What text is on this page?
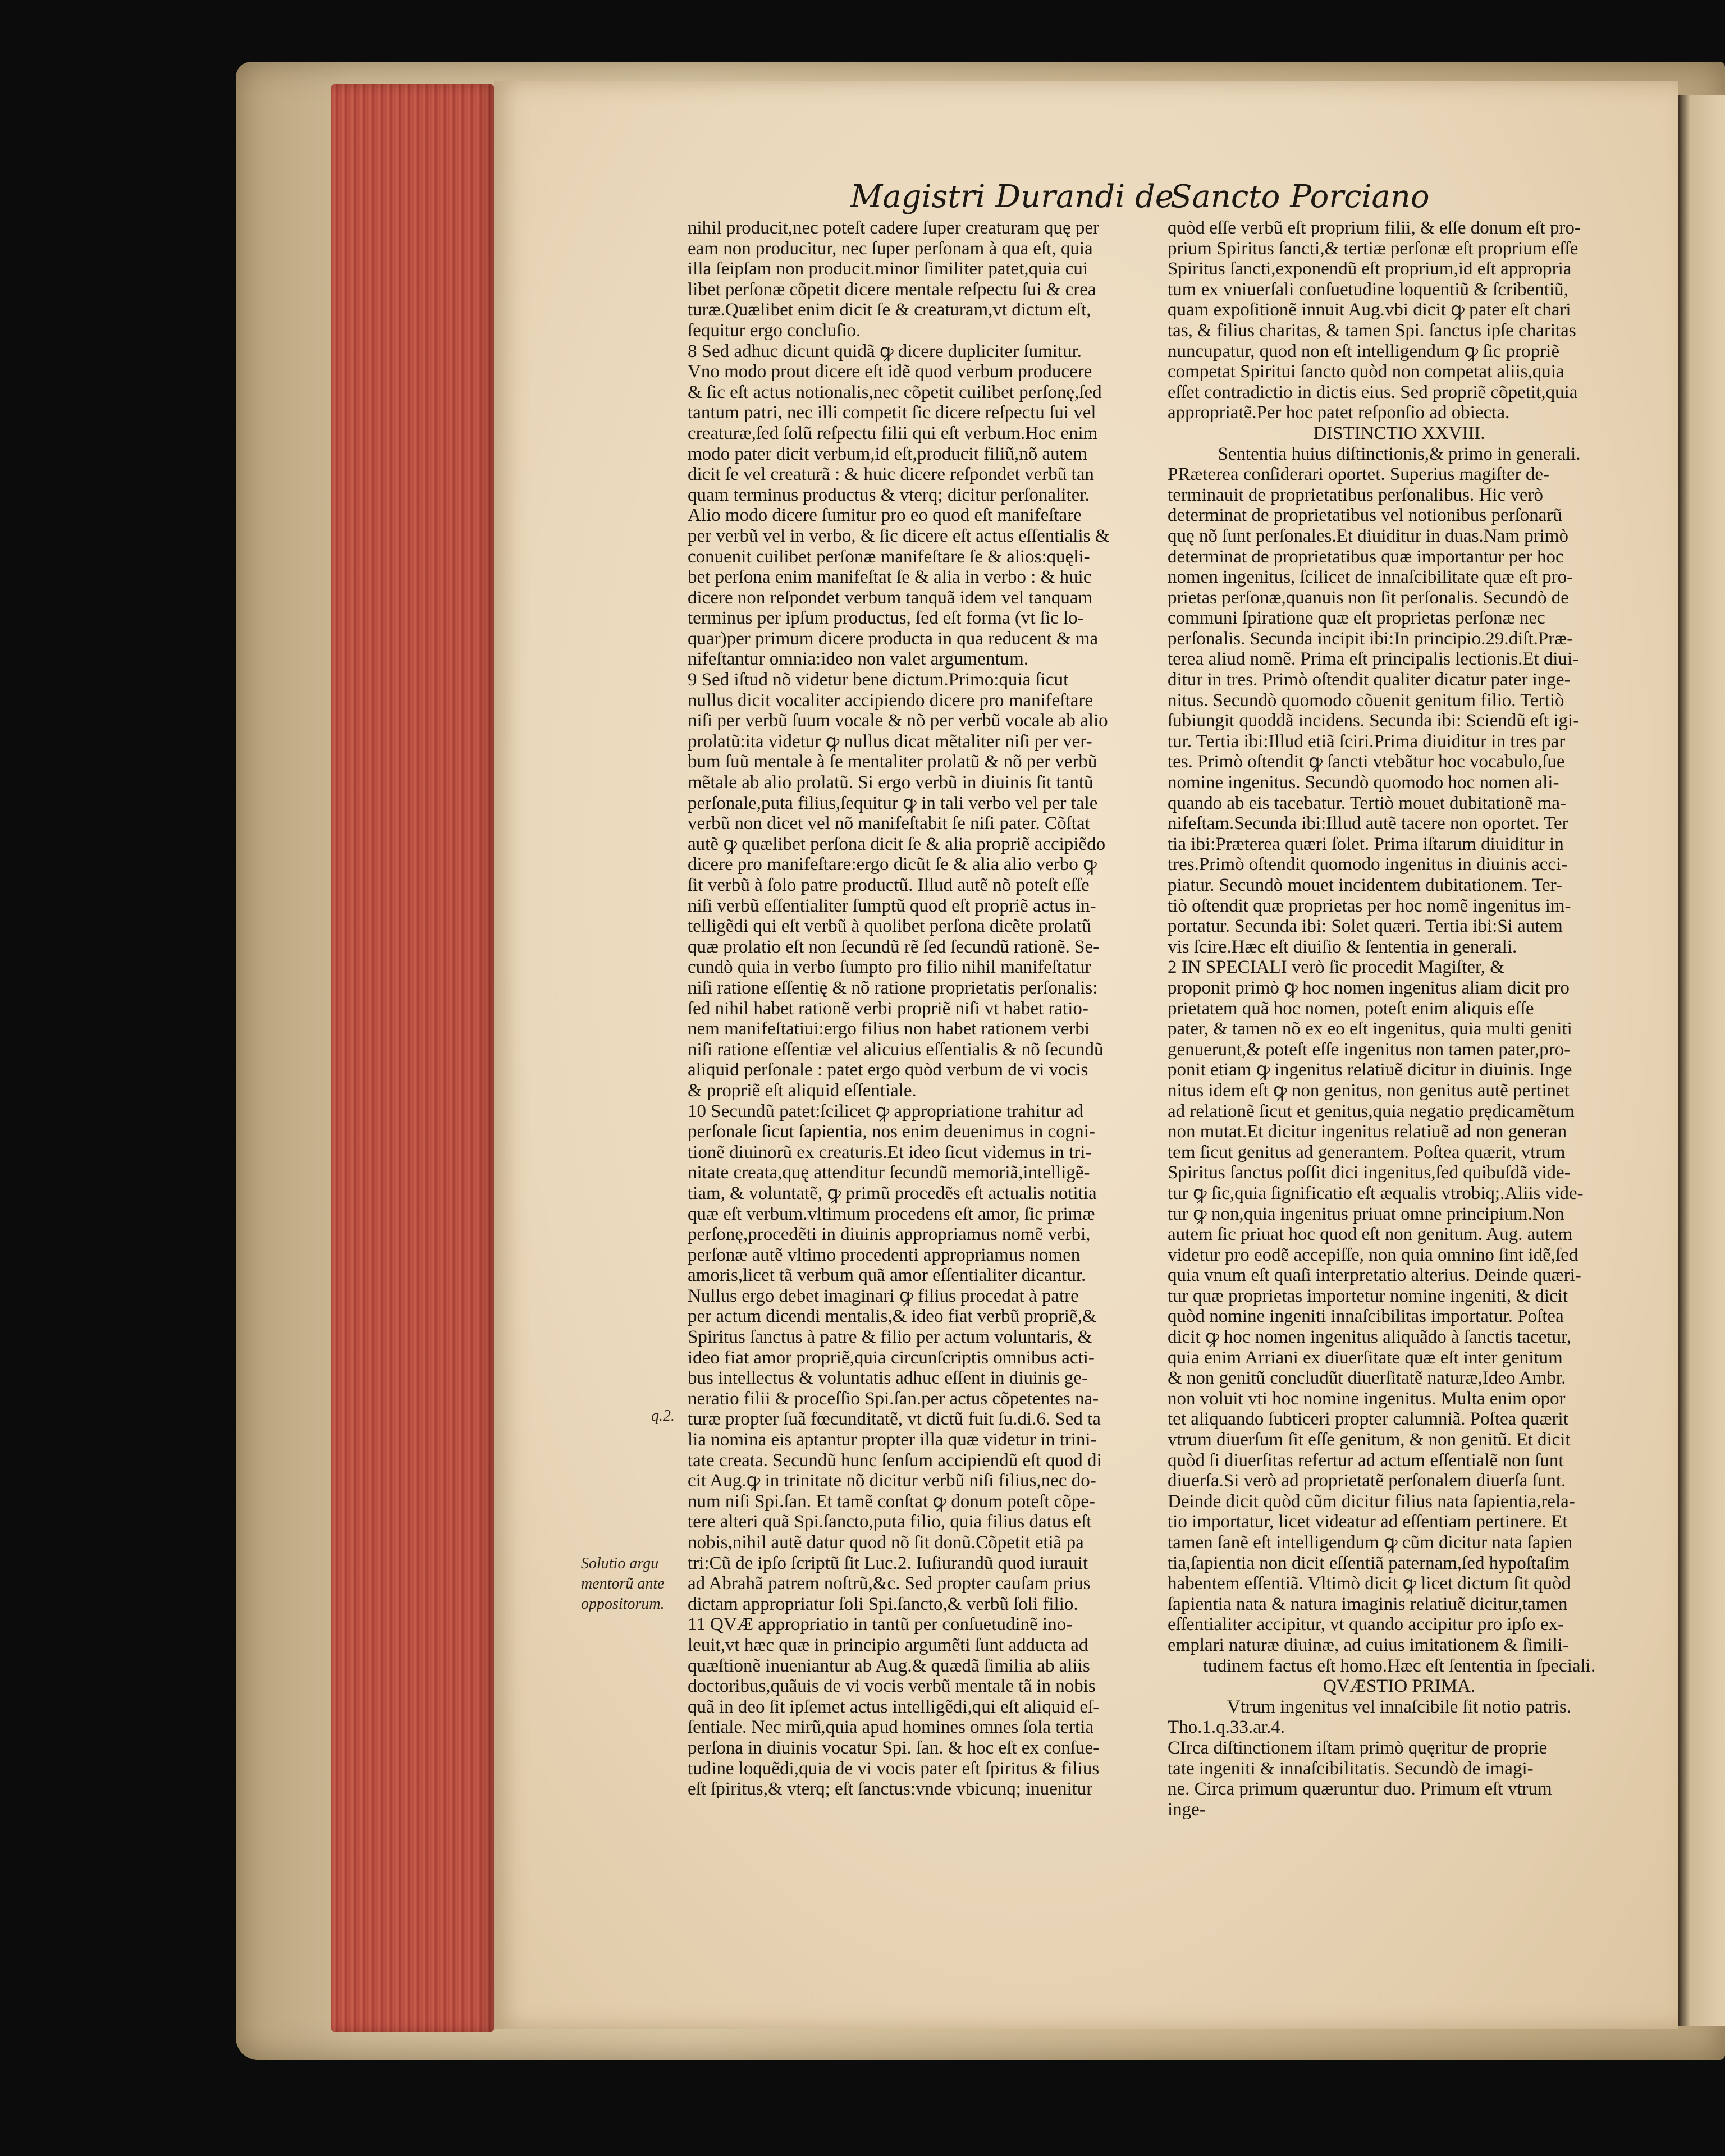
Magistri Durandi de
Sancto Porciano
q.2.
Solutio argu
mentorũ ante
oppositorum.

nihil producit,nec poteſt cadere ſuper creaturam quę per

eam non producitur, nec ſuper perſonam à qua eſt, quia

illa ſeipſam non producit.minor ſimiliter patet,quia cui

libet perſonæ cõpetit dicere mentale reſpectu ſui & crea

turæ.Quælibet enim dicit ſe & creaturam,vt dictum eſt,

ſequitur ergo concluſio.

8 Sed adhuc dicunt quidã ꝙ dicere dupliciter ſumitur.

Vno modo prout dicere eſt idẽ quod verbum producere

& ſic eſt actus notionalis,nec cõpetit cuilibet perſonę,ſed

tantum patri, nec illi competit ſic dicere reſpectu ſui vel

creaturæ,ſed ſolũ reſpectu filii qui eſt verbum.Hoc enim

modo pater dicit verbum,id eſt,producit filiũ,nõ autem

dicit ſe vel creaturã : & huic dicere reſpondet verbũ tan

quam terminus productus & vterq; dicitur perſonaliter.

Alio modo dicere ſumitur pro eo quod eſt manifeſtare

per verbũ vel in verbo, & ſic dicere eſt actus eſſentialis &

conuenit cuilibet perſonæ manifeſtare ſe & alios:quęli-

bet perſona enim manifeſtat ſe & alia in verbo : & huic

dicere non reſpondet verbum tanquã idem vel tanquam

terminus per ipſum productus, ſed eſt forma (vt ſic lo-

quar)per primum dicere producta in qua reducent & ma

nifeſtantur omnia:ideo non valet argumentum.

9 Sed iſtud nõ videtur bene dictum.Primo:quia ſicut

nullus dicit vocaliter accipiendo dicere pro manifeſtare

niſi per verbũ ſuum vocale & nõ per verbũ vocale ab alio

prolatũ:ita videtur ꝙ nullus dicat mẽtaliter niſi per ver-

bum ſuũ mentale à ſe mentaliter prolatũ & nõ per verbũ

mẽtale ab alio prolatũ. Si ergo verbũ in diuinis ſit tantũ

perſonale,puta filius,ſequitur ꝙ in tali verbo vel per tale

verbũ non dicet vel nõ manifeſtabit ſe niſi pater. Cõſtat

autẽ ꝙ quælibet perſona dicit ſe & alia propriẽ accipiẽdo

dicere pro manifeſtare:ergo dicũt ſe & alia alio verbo ꝙ

ſit verbũ à ſolo patre productũ. Illud autẽ nõ poteſt eſſe

niſi verbũ eſſentialiter ſumptũ quod eſt propriẽ actus in-

telligẽdi qui eſt verbũ à quolibet perſona dicẽte prolatũ

quæ prolatio eſt non ſecundũ rẽ ſed ſecundũ rationẽ. Se-

cundò quia in verbo ſumpto pro filio nihil manifeſtatur

niſi ratione eſſentię & nõ ratione proprietatis perſonalis:

ſed nihil habet rationẽ verbi propriẽ niſi vt habet ratio-

nem manifeſtatiui:ergo filius non habet rationem verbi

niſi ratione eſſentiæ vel alicuius eſſentialis & nõ ſecundũ

aliquid perſonale : patet ergo quòd verbum de vi vocis

& propriẽ eſt aliquid eſſentiale.

10 Secundũ patet:ſcilicet ꝙ appropriatione trahitur ad

perſonale ſicut ſapientia, nos enim deuenimus in cogni-

tionẽ diuinorũ ex creaturis.Et ideo ſicut videmus in tri-

nitate creata,quę attenditur ſecundũ memoriã,intelligẽ-

tiam, & voluntatẽ, ꝙ primũ procedẽs eſt actualis notitia

quæ eſt verbum.vltimum procedens eſt amor, ſic primæ

perſonę,procedẽti in diuinis appropriamus nomẽ verbi,

perſonæ autẽ vltimo procedenti appropriamus nomen

amoris,licet tã verbum quã amor eſſentialiter dicantur.

Nullus ergo debet imaginari ꝙ filius procedat à patre

per actum dicendi mentalis,& ideo fiat verbũ propriẽ,&

Spiritus ſanctus à patre & filio per actum voluntaris, &

ideo fiat amor propriẽ,quia circunſcriptis omnibus acti-

bus intellectus & voluntatis adhuc eſſent in diuinis ge-

neratio filii & proceſſio Spi.ſan.per actus cõpetentes na-

turæ propter ſuã fœcunditatẽ, vt dictũ fuit ſu.di.6. Sed ta

lia nomina eis aptantur propter illa quæ videtur in trini-

tate creata. Secundũ hunc ſenſum accipiendũ eſt quod di

cit Aug.ꝙ in trinitate nõ dicitur verbũ niſi filius,nec do-

num niſi Spi.ſan. Et tamẽ conſtat ꝙ donum poteſt cõpe-

tere alteri quã Spi.ſancto,puta filio, quia filius datus eſt

nobis,nihil autẽ datur quod nõ ſit donũ.Cõpetit etiã pa

tri:Cũ de ipſo ſcriptũ ſit Luc.2. Iuſiurandũ quod iurauit

ad Abrahã patrem noſtrũ,&c. Sed propter cauſam prius

dictam appropriatur ſoli Spi.ſancto,& verbũ ſoli filio.

11 QVÆ appropriatio in tantũ per conſuetudinẽ ino-

leuit,vt hæc quæ in principio argumẽti ſunt adducta ad

quæſtionẽ inueniantur ab Aug.& quædã ſimilia ab aliis

doctoribus,quãuis de vi vocis verbũ mentale tã in nobis

quã in deo ſit ipſemet actus intelligẽdi,qui eſt aliquid eſ-

ſentiale. Nec mirũ,quia apud homines omnes ſola tertia

perſona in diuinis vocatur Spi. ſan. & hoc eſt ex conſue-

tudine loquẽdi,quia de vi vocis pater eſt ſpiritus & filius

eſt ſpiritus,& vterq; eſt ſanctus:vnde vbicunq; inuenitur

quòd eſſe verbũ eſt proprium filii, & eſſe donum eſt pro-

prium Spiritus ſancti,& tertiæ perſonæ eſt proprium eſſe

Spiritus ſancti,exponendũ eſt proprium,id eſt appropria

tum ex vniuerſali conſuetudine loquentiũ & ſcribentiũ,

quam expoſitionẽ innuit Aug.vbi dicit ꝙ pater eſt chari

tas, & filius charitas, & tamen Spi. ſanctus ipſe charitas

nuncupatur, quod non eſt intelligendum ꝙ ſic propriẽ

competat Spiritui ſancto quòd non competat aliis,quia

eſſet contradictio in dictis eius. Sed propriẽ cõpetit,quia

appropriatẽ.Per hoc patet reſponſio ad obiecta.

DISTINCTIO XXVIII.

Sententia huius diſtinctionis,& primo in generali.

PRæterea conſiderari oportet. Superius magiſter de-

terminauit de proprietatibus perſonalibus. Hic verò

determinat de proprietatibus vel notionibus perſonarũ

quę nõ ſunt perſonales.Et diuiditur in duas.Nam primò

determinat de proprietatibus quæ importantur per hoc

nomen ingenitus, ſcilicet de innaſcibilitate quæ eſt pro-

prietas perſonæ,quanuis non ſit perſonalis. Secundò de

communi ſpiratione quæ eſt proprietas perſonæ nec

perſonalis. Secunda incipit ibi:In principio.29.diſt.Præ-

terea aliud nomẽ. Prima eſt principalis lectionis.Et diui-

ditur in tres. Primò oſtendit qualiter dicatur pater inge-

nitus. Secundò quomodo cõuenit genitum filio. Tertiò

ſubiungit quoddã incidens. Secunda ibi: Sciendũ eſt igi-

tur. Tertia ibi:Illud etiã ſciri.Prima diuiditur in tres par

tes. Primò oſtendit ꝙ ſancti vtebãtur hoc vocabulo,ſue

nomine ingenitus. Secundò quomodo hoc nomen ali-

quando ab eis tacebatur. Tertiò mouet dubitationẽ ma-

nifeſtam.Secunda ibi:Illud autẽ tacere non oportet. Ter

tia ibi:Præterea quæri ſolet. Prima iſtarum diuiditur in

tres.Primò oſtendit quomodo ingenitus in diuinis acci-

piatur. Secundò mouet incidentem dubitationem. Ter-

tiò oſtendit quæ proprietas per hoc nomẽ ingenitus im-

portatur. Secunda ibi: Solet quæri. Tertia ibi:Si autem

vis ſcire.Hæc eſt diuiſio & ſententia in generali.

2 IN SPECIALI verò ſic procedit Magiſter, &

proponit primò ꝙ hoc nomen ingenitus aliam dicit pro

prietatem quã hoc nomen, poteſt enim aliquis eſſe

pater, & tamen nõ ex eo eſt ingenitus, quia multi geniti

genuerunt,& poteſt eſſe ingenitus non tamen pater,pro-

ponit etiam ꝙ ingenitus relatiuẽ dicitur in diuinis. Inge

nitus idem eſt ꝙ non genitus, non genitus autẽ pertinet

ad relationẽ ſicut et genitus,quia negatio prędicamẽtum

non mutat.Et dicitur ingenitus relatiuẽ ad non generan

tem ſicut genitus ad generantem. Poſtea quærit, vtrum

Spiritus ſanctus poſſit dici ingenitus,ſed quibuſdã vide-

tur ꝙ ſic,quia ſignificatio eſt æqualis vtrobiq;.Aliis vide-

tur ꝙ non,quia ingenitus priuat omne principium.Non

autem ſic priuat hoc quod eſt non genitum. Aug. autem

videtur pro eodẽ accepiſſe, non quia omnino ſint idẽ,ſed

quia vnum eſt quaſi interpretatio alterius. Deinde quæri-

tur quæ proprietas importetur nomine ingeniti, & dicit

quòd nomine ingeniti innaſcibilitas importatur. Poſtea

dicit ꝙ hoc nomen ingenitus aliquãdo à ſanctis tacetur,

quia enim Arriani ex diuerſitate quæ eſt inter genitum

& non genitũ concludũt diuerſitatẽ naturæ,Ideo Ambr.

non voluit vti hoc nomine ingenitus. Multa enim opor

tet aliquando ſubticeri propter calumniã. Poſtea quærit

vtrum diuerſum ſit eſſe genitum, & non genitũ. Et dicit

quòd ſi diuerſitas refertur ad actum eſſentialẽ non ſunt

diuerſa.Si verò ad proprietatẽ perſonalem diuerſa ſunt.

Deinde dicit quòd cũm dicitur filius nata ſapientia,rela-

tio importatur, licet videatur ad eſſentiam pertinere. Et

tamen ſanẽ eſt intelligendum ꝙ cũm dicitur nata ſapien

tia,ſapientia non dicit eſſentiã paternam,ſed hypoſtaſim

habentem eſſentiã. Vltimò dicit ꝙ licet dictum ſit quòd

ſapientia nata & natura imaginis relatiuẽ dicitur,tamen

eſſentialiter accipitur, vt quando accipitur pro ipſo ex-

emplari naturæ diuinæ, ad cuius imitationem & ſimili-

tudinem factus eſt homo.Hæc eſt ſententia in ſpeciali.

QVÆSTIO PRIMA.

Vtrum ingenitus vel innaſcibile ſit notio patris.

Tho.1.q.33.ar.4.

CIrca diſtinctionem iſtam primò quęritur de proprie

tate ingeniti & innaſcibilitatis. Secundò de imagi-

ne. Circa primum quæruntur duo. Primum eſt vtrum

inge-
